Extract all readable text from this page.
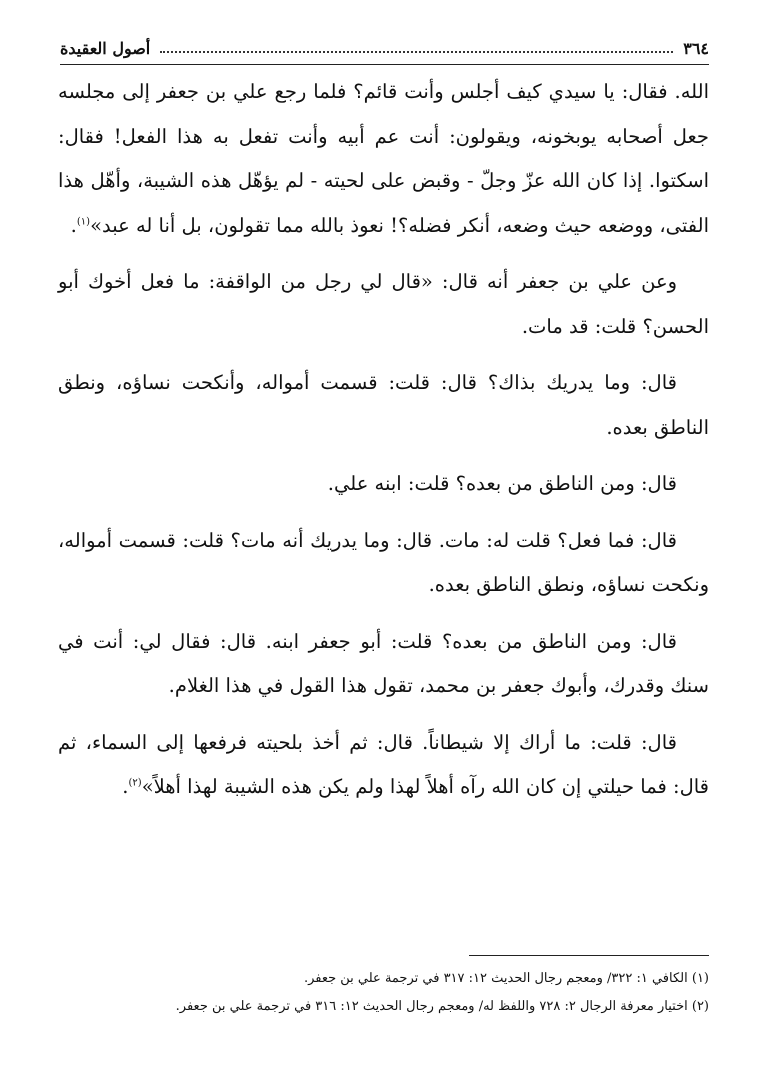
٣٦٤
أصول العقيدة

الله. فقال: يا سيدي كيف أجلس وأنت قائم؟ فلما رجع علي بن جعفر إلى مجلسه جعل أصحابه يوبخونه، ويقولون: أنت عم أبيه وأنت تفعل به هذا الفعل! فقال: اسكتوا. إذا كان الله عزّ وجلّ - وقبض على لحيته - لم يؤهّل هذه الشيبة، وأهّل هذا الفتى، ووضعه حيث وضعه، أنكر فضله؟! نعوذ بالله مما تقولون، بل أنا له عبد»$^{(١)}$.

وعن علي بن جعفر أنه قال: «قال لي رجل من الواقفة: ما فعل أخوك أبو الحسن؟ قلت: قد مات.

قال: وما يدريك بذاك؟ قال: قلت: قسمت أمواله، وأنكحت نساؤه، ونطق الناطق بعده.

قال: ومن الناطق من بعده؟ قلت: ابنه علي.

قال: فما فعل؟ قلت له: مات. قال: وما يدريك أنه مات؟ قلت: قسمت أمواله، ونكحت نساؤه، ونطق الناطق بعده.

قال: ومن الناطق من بعده؟ قلت: أبو جعفر ابنه. قال: فقال لي: أنت في سنك وقدرك، وأبوك جعفر بن محمد، تقول هذا القول في هذا الغلام.

قال: قلت: ما أراك إلا شيطاناً. قال: ثم أخذ بلحيته فرفعها إلى السماء، ثم قال: فما حيلتي إن كان الله رآه أهلاً لهذا ولم يكن هذه الشيبة لهذا أهلاً»$^{(٢)}$.

(١) الكافي ١: ٣٢٢/ ومعجم رجال الحديث ١٢: ٣١٧ في ترجمة علي بن جعفر.
(٢) اختيار معرفة الرجال ٢: ٧٢٨ واللفظ له/ ومعجم رجال الحديث ١٢: ٣١٦ في ترجمة علي بن جعفر.
